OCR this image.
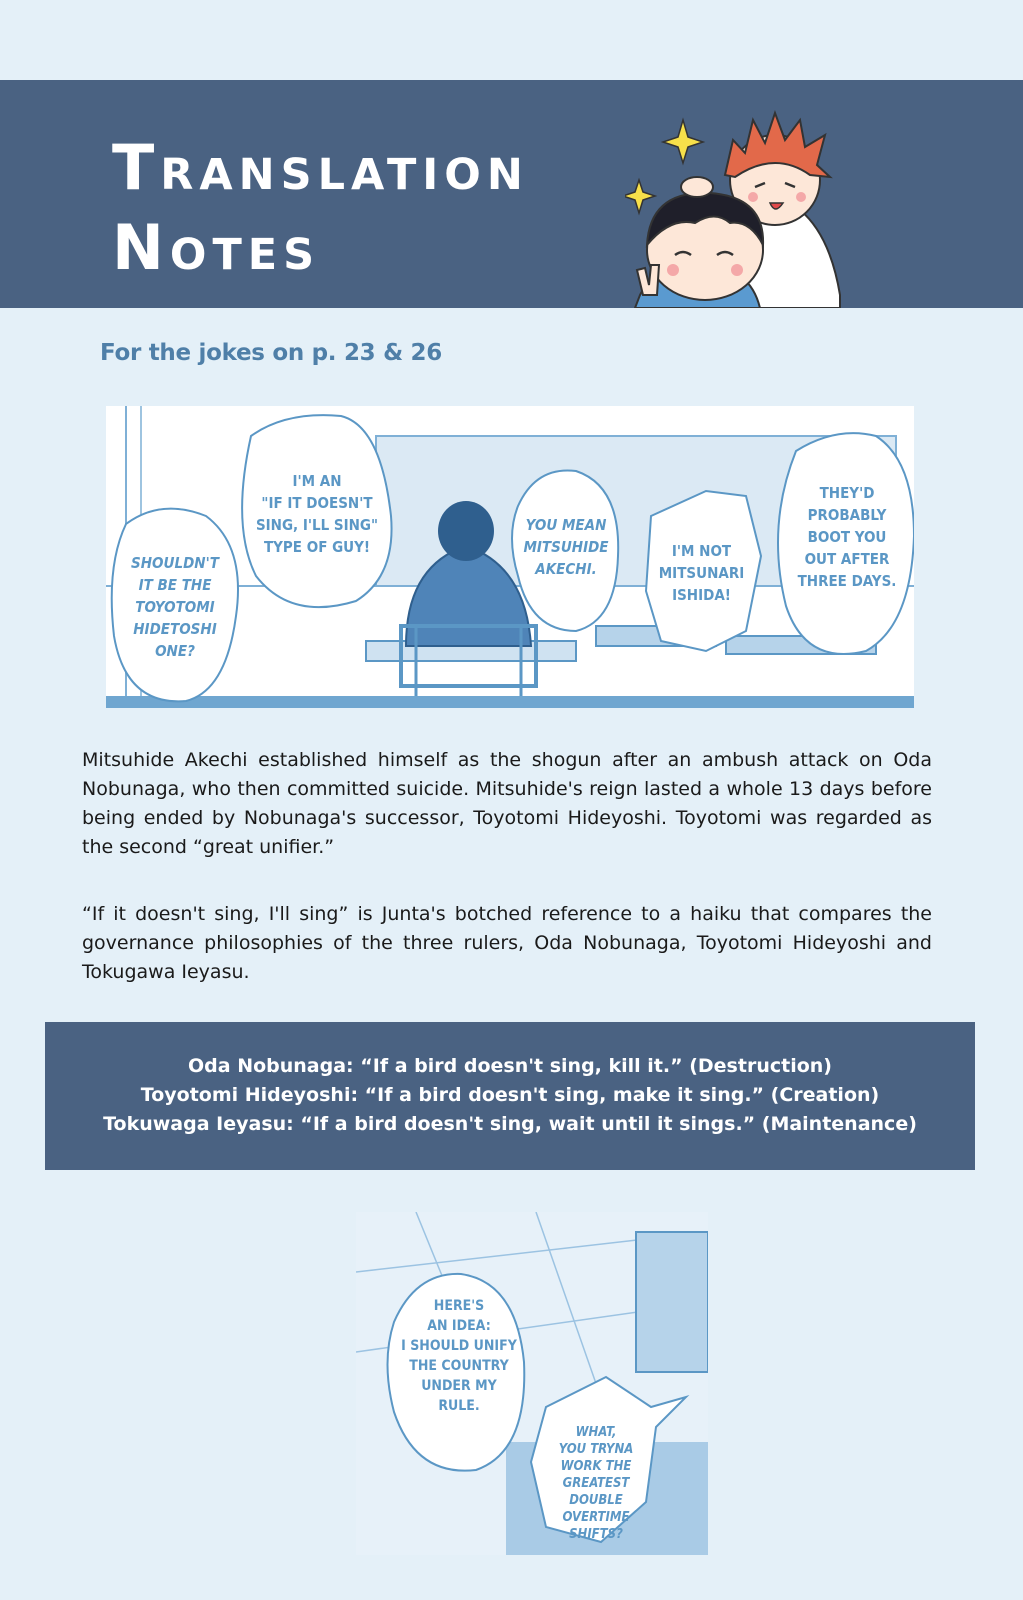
Translation
Notes
For the jokes on p. 23 & 26
SHOULDN'T
IT BE THE
TOYOTOMI
HIDETOSHI
ONE?
I'M AN
"IF IT DOESN'T
SING, I'LL SING"
TYPE OF GUY!
YOU MEAN
MITSUHIDE
AKECHI.
I'M NOT
MITSUNARI
ISHIDA!
THEY'D
PROBABLY
BOOT YOU
OUT AFTER
THREE DAYS.
Mitsuhide Akechi established himself as the shogun after an ambush attack on Oda Nobunaga, who then committed suicide. Mitsuhide's reign lasted a whole 13 days before being ended by Nobunaga's successor, Toyotomi Hideyoshi. Toyotomi was regarded as the second “great unifier.”
“If it doesn't sing, I'll sing” is Junta's botched reference to a haiku that compares the governance philosophies of the three rulers, Oda Nobunaga, Toyotomi Hideyoshi and Tokugawa Ieyasu.
Oda Nobunaga: “If a bird doesn't sing, kill it.” (Destruction)
Toyotomi Hideyoshi: “If a bird doesn't sing, make it sing.” (Creation)
Tokuwaga Ieyasu: “If a bird doesn't sing, wait until it sings.” (Maintenance)
HERE'S
AN IDEA:
I SHOULD UNIFY
THE COUNTRY
UNDER MY
RULE.
WHAT,
YOU TRYNA
WORK THE
GREATEST
DOUBLE
OVERTIME
SHIFTS?
